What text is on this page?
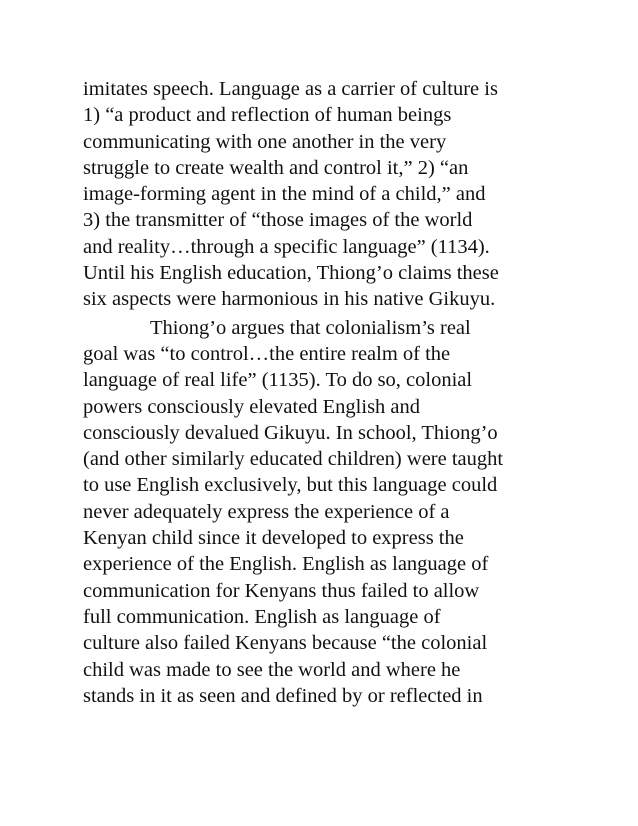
imitates speech. Language as a carrier of culture is
1) “a product and reflection of human beings
communicating with one another in the very
struggle to create wealth and control it,” 2) “an
image-forming agent in the mind of a child,” and
3) the transmitter of “those images of the world
and reality…through a specific language” (1134).
Until his English education, Thiong’o claims these
six aspects were harmonious in his native Gikuyu.
Thiong’o argues that colonialism’s real
goal was “to control…the entire realm of the
language of real life” (1135). To do so, colonial
powers consciously elevated English and
consciously devalued Gikuyu. In school, Thiong’o
(and other similarly educated children) were taught
to use English exclusively, but this language could
never adequately express the experience of a
Kenyan child since it developed to express the
experience of the English. English as language of
communication for Kenyans thus failed to allow
full communication. English as language of
culture also failed Kenyans because “the colonial
child was made to see the world and where he
stands in it as seen and defined by or reflected in
